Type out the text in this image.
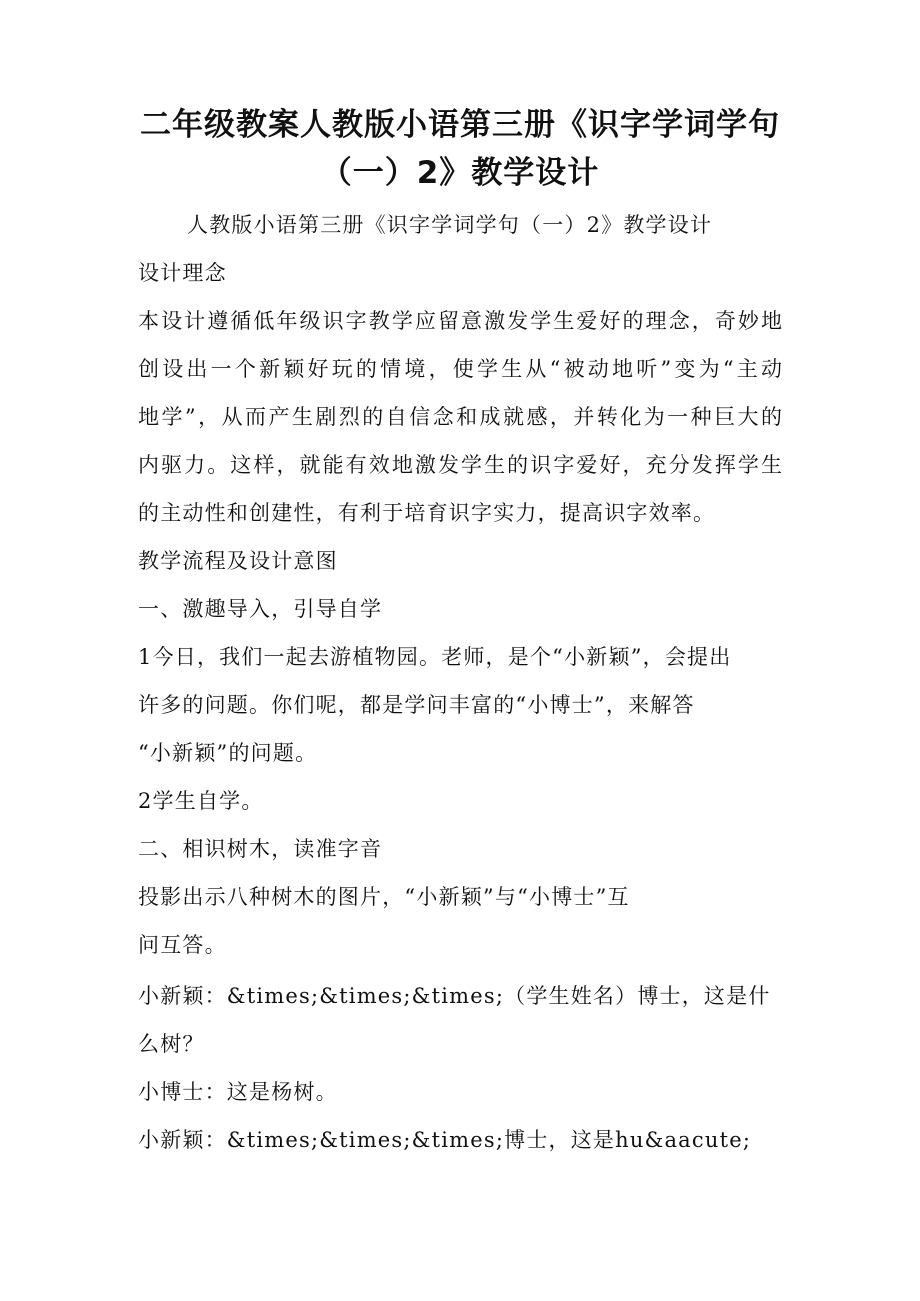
二年级教案人教版小语第三册《识字学词学句
（一）2》教学设计
人教版小语第三册《识字学词学句（一）2》教学设计
设计理念
本设计遵循低年级识字教学应留意激发学生爱好的理念，奇妙地
创设出一个新颖好玩的情境，使学生从“被动地听”变为“主动
地学”，从而产生剧烈的自信念和成就感，并转化为一种巨大的
内驱力。这样，就能有效地激发学生的识字爱好，充分发挥学生
的主动性和创建性，有利于培育识字实力，提高识字效率。
教学流程及设计意图
一、激趣导入，引导自学
1今日，我们一起去游植物园。老师，是个“小新颖”，会提出
许多的问题。你们呢，都是学问丰富的“小博士”，来解答
“小新颖”的问题。
2学生自学。
二、相识树木，读准字音
投影出示八种树木的图片，“小新颖”与“小博士”互
问互答。
小新颖：&times;&times;&times;（学生姓名）博士，这是什
么树？
小博士：这是杨树。
小新颖：&times;&times;&times;博士，这是hu&aacute;
